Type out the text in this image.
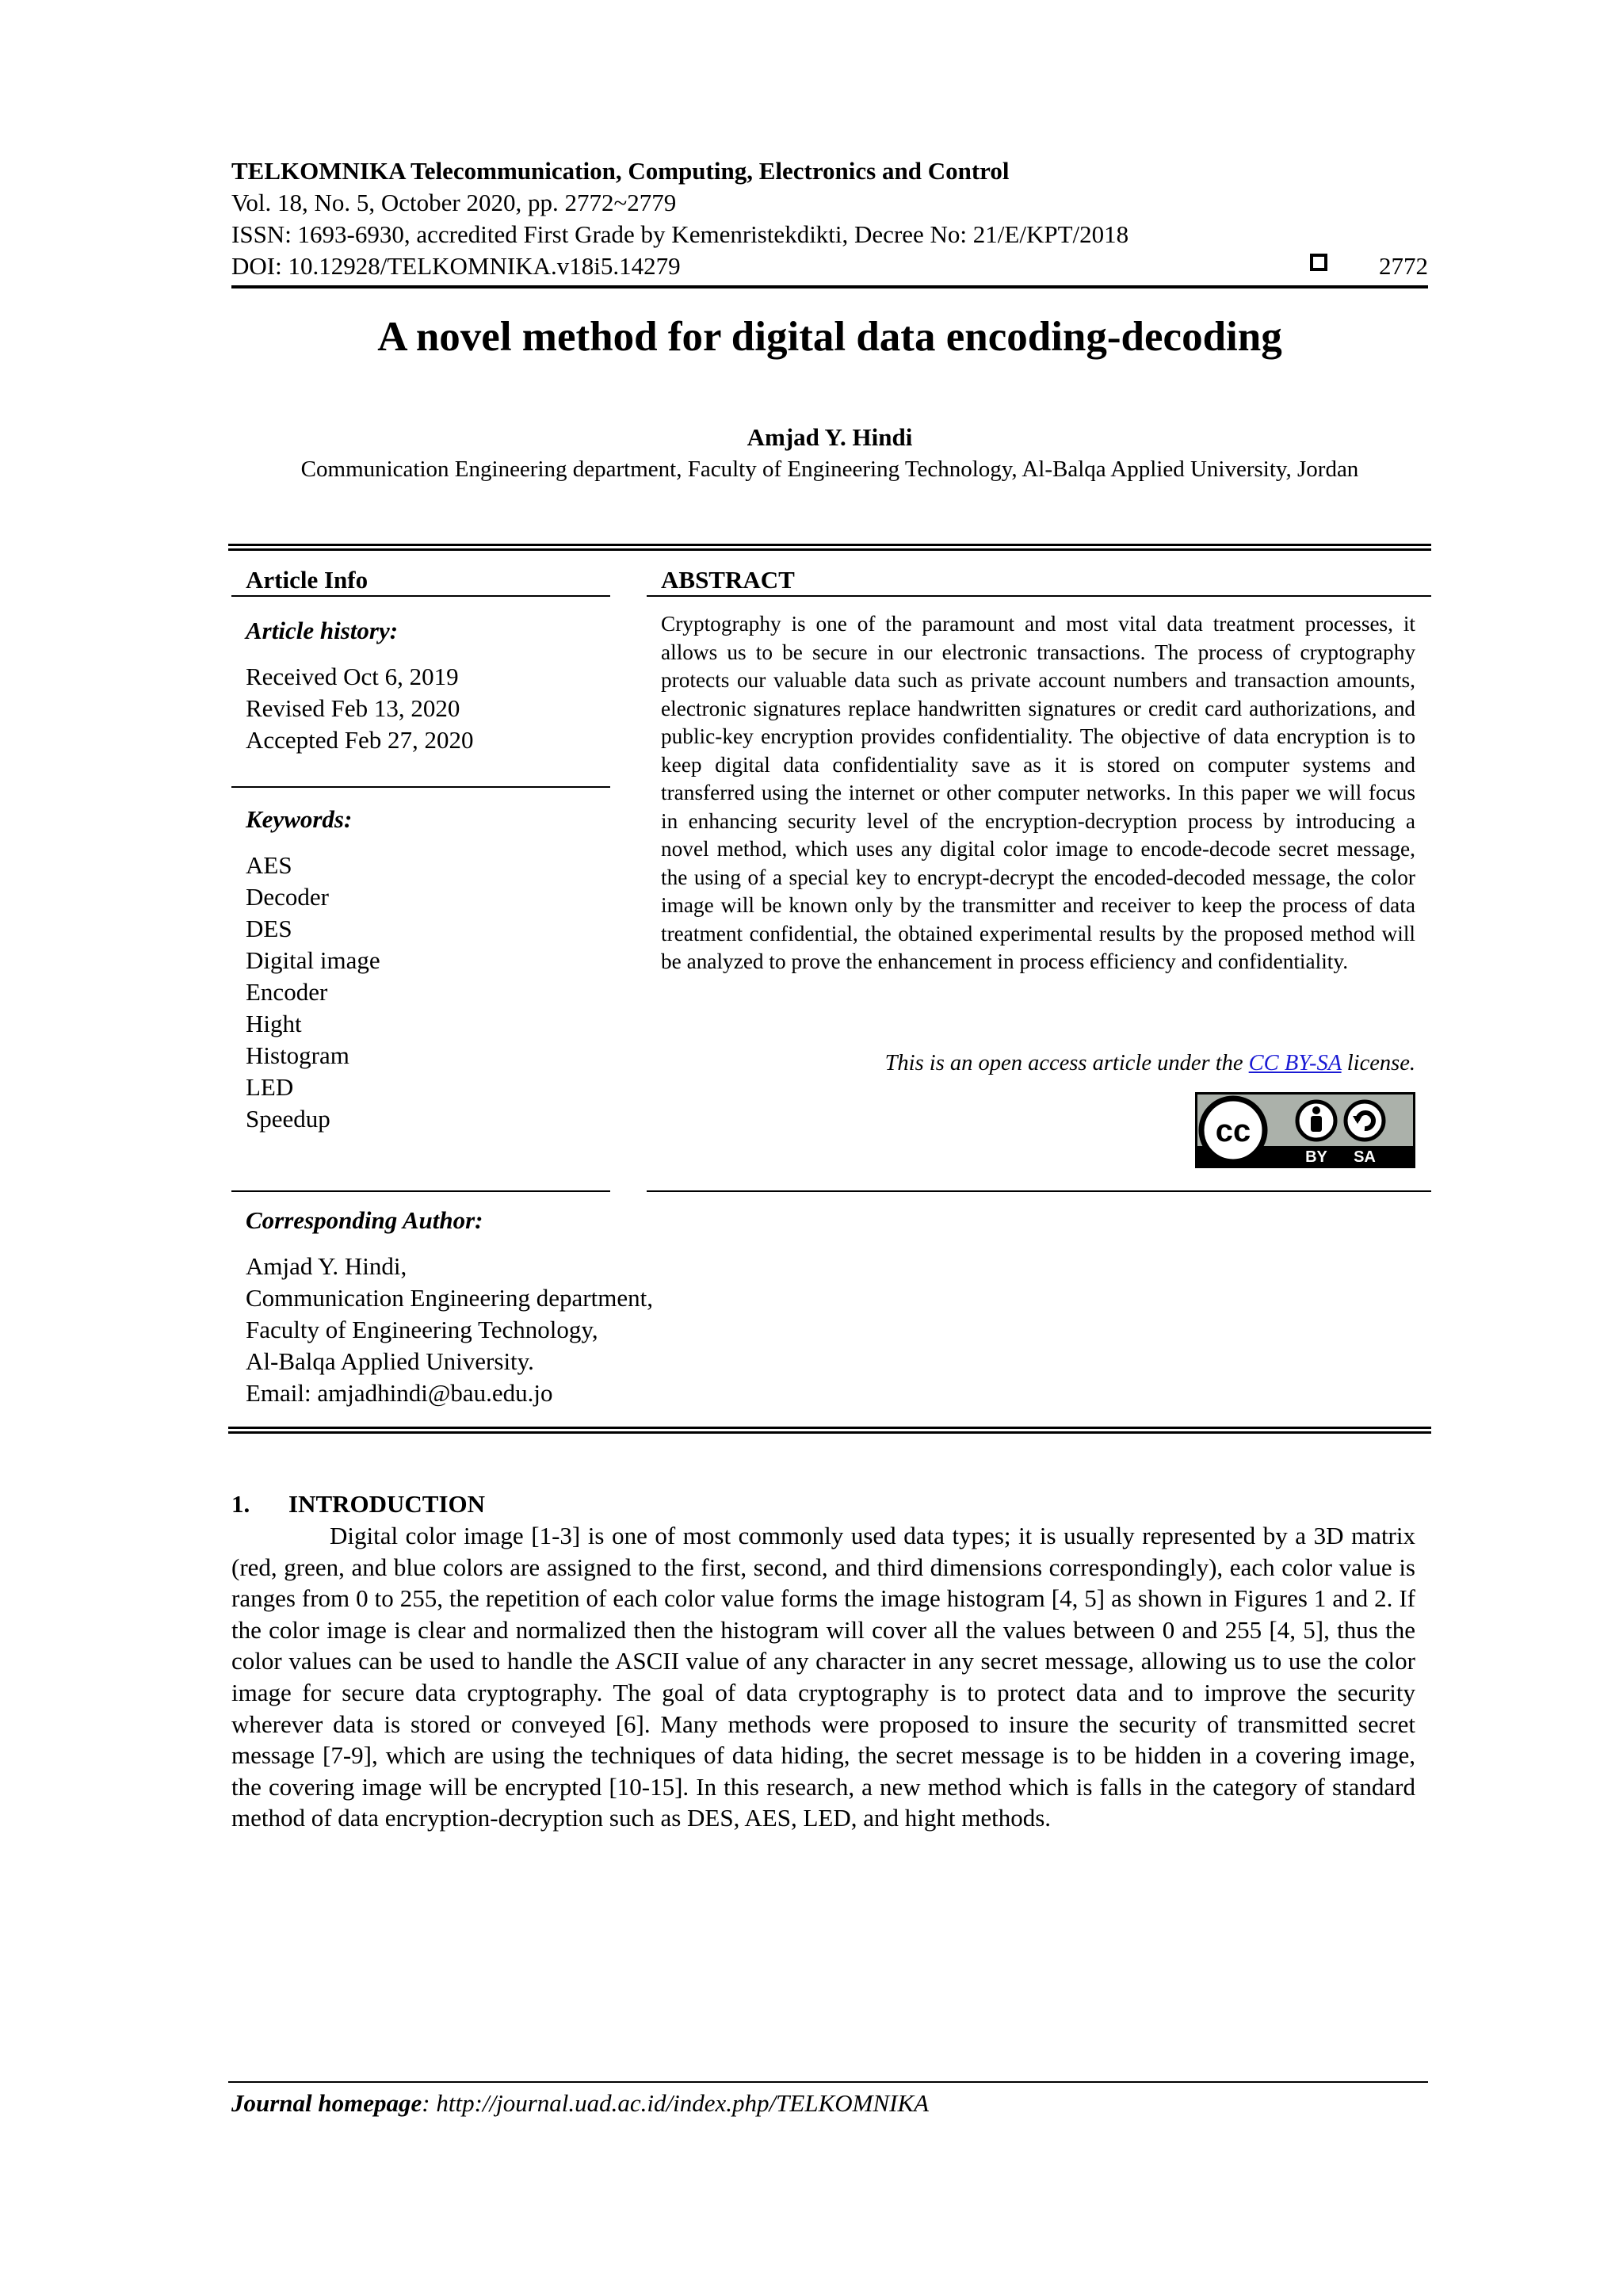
TELKOMNIKA Telecommunication, Computing, Electronics and Control
Vol. 18, No. 5, October 2020, pp. 2772~2779
ISSN: 1693-6930, accredited First Grade by Kemenristekdikti, Decree No: 21/E/KPT/2018
DOI: 10.12928/TELKOMNIKA.v18i5.14279	2772
A novel method for digital data encoding-decoding
Amjad Y. Hindi
Communication Engineering department, Faculty of Engineering Technology, Al-Balqa Applied University, Jordan
Article Info
Article history:
Received Oct 6, 2019
Revised Feb 13, 2020
Accepted Feb 27, 2020
Keywords:
AES
Decoder
DES
Digital image
Encoder
Hight
Histogram
LED
Speedup
ABSTRACT
Cryptography is one of the paramount and most vital data treatment processes, it allows us to be secure in our electronic transactions. The process of cryptography protects our valuable data such as private account numbers and transaction amounts, electronic signatures replace handwritten signatures or credit card authorizations, and public-key encryption provides confidentiality. The objective of data encryption is to keep digital data confidentiality save as it is stored on computer systems and transferred using the internet or other computer networks. In this paper we will focus in enhancing security level of the encryption-decryption process by introducing a novel method, which uses any digital color image to encode-decode secret message, the using of a special key to encrypt-decrypt the encoded-decoded message, the color image will be known only by the transmitter and receiver to keep the process of data treatment confidential, the obtained experimental results by the proposed method will be analyzed to prove the enhancement in process efficiency and confidentiality.
This is an open access article under the CC BY-SA license.
cc
BY SA
Corresponding Author:
Amjad Y. Hindi,
Communication Engineering department,
Faculty of Engineering Technology,
Al-Balqa Applied University.
Email: amjadhindi@bau.edu.jo
1. INTRODUCTION
Digital color image [1-3] is one of most commonly used data types; it is usually represented by a 3D matrix (red, green, and blue colors are assigned to the first, second, and third dimensions correspondingly), each color value is ranges from 0 to 255, the repetition of each color value forms the image histogram [4, 5] as shown in Figures 1 and 2. If the color image is clear and normalized then the histogram will cover all the values between 0 and 255 [4, 5], thus the color values can be used to handle the ASCII value of any character in any secret message, allowing us to use the color image for secure data cryptography. The goal of data cryptography is to protect data and to improve the security wherever data is stored or conveyed [6]. Many methods were proposed to insure the security of transmitted secret message [7-9], which are using the techniques of data hiding, the secret message is to be hidden in a covering image, the covering image will be encrypted [10-15]. In this research, a new method which is falls in the category of standard method of data encryption-decryption such as DES, AES, LED, and hight methods.
Journal homepage: http://journal.uad.ac.id/index.php/TELKOMNIKA
